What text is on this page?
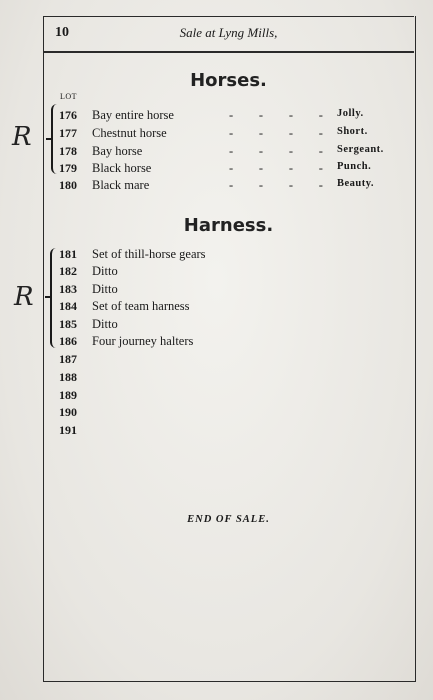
10	Sale at Lyng Mills,
Horses.
LOT
R
176	Bay entire horse	-      -      -      - Jolly.
177	Chestnut horse	-      -      -      - Short.
178	Bay horse	-      -      -      - Sergeant.
179	Black horse	-      -      -      - Punch.
180	Black mare	-      -      -      - Beauty.
Harness.
R
181	Set of thill-horse gears
182	Ditto
183	Ditto
184	Set of team harness
185	Ditto
186	Four journey halters
187
188
189
190
191
END OF SALE.
